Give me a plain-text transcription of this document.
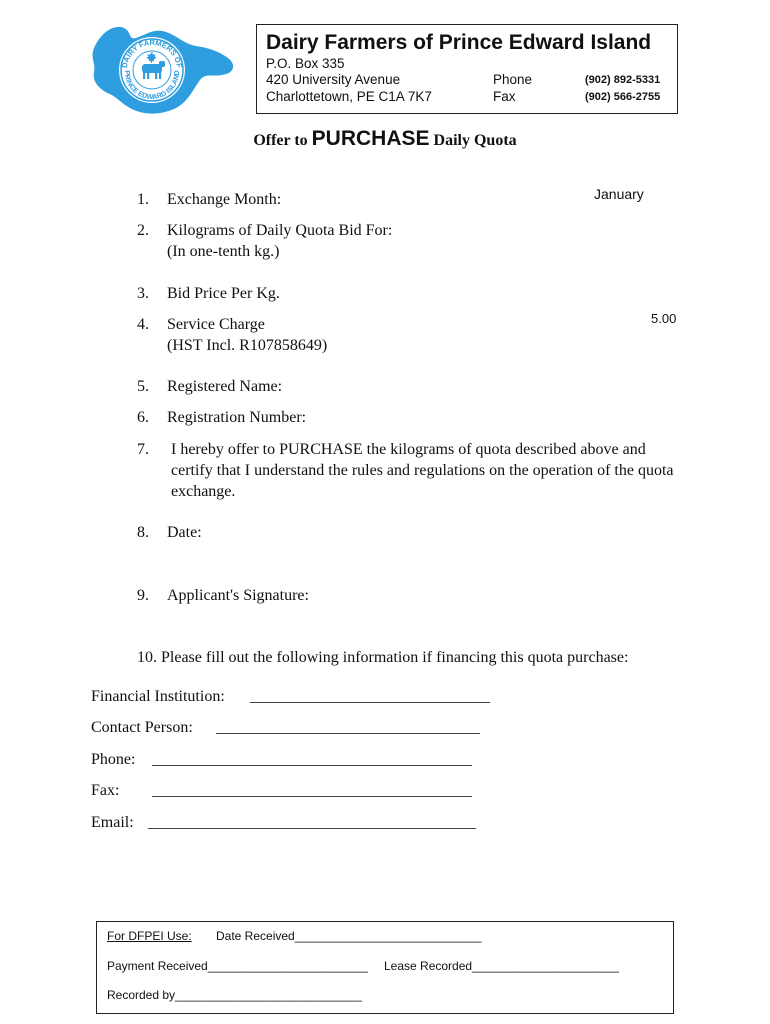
DAIRY FARMERS OF
PRINCE EDWARD ISLAND
Dairy Farmers of Prince Edward Island
P.O. Box 335
420 University Avenue
Charlottetown, PE C1A 7K7
Phone
Fax
(902) 892-5331
(902) 566-2755
Offer to PURCHASE Daily Quota
1. Exchange Month:	January
2. Kilograms of Daily Quota Bid For:
(In one-tenth kg.)
3. Bid Price Per Kg.
4. Service Charge
(HST Incl. R107858649)
5.00
5. Registered Name:
6. Registration Number:
7. I hereby offer to PURCHASE the kilograms of quota described above and certify that I understand the rules and regulations on the operation of the quota exchange.
8. Date:
9. Applicant's Signature:
10. Please fill out the following information if financing this quota purchase:
Financial Institution: ______________________________
Contact Person: _________________________________
Phone: ________________________________________
Fax: ________________________________________
Email: _________________________________________
For DFPEI Use: Date Received____________________________
Payment Received________________________ Lease Recorded______________________
Recorded by____________________________
